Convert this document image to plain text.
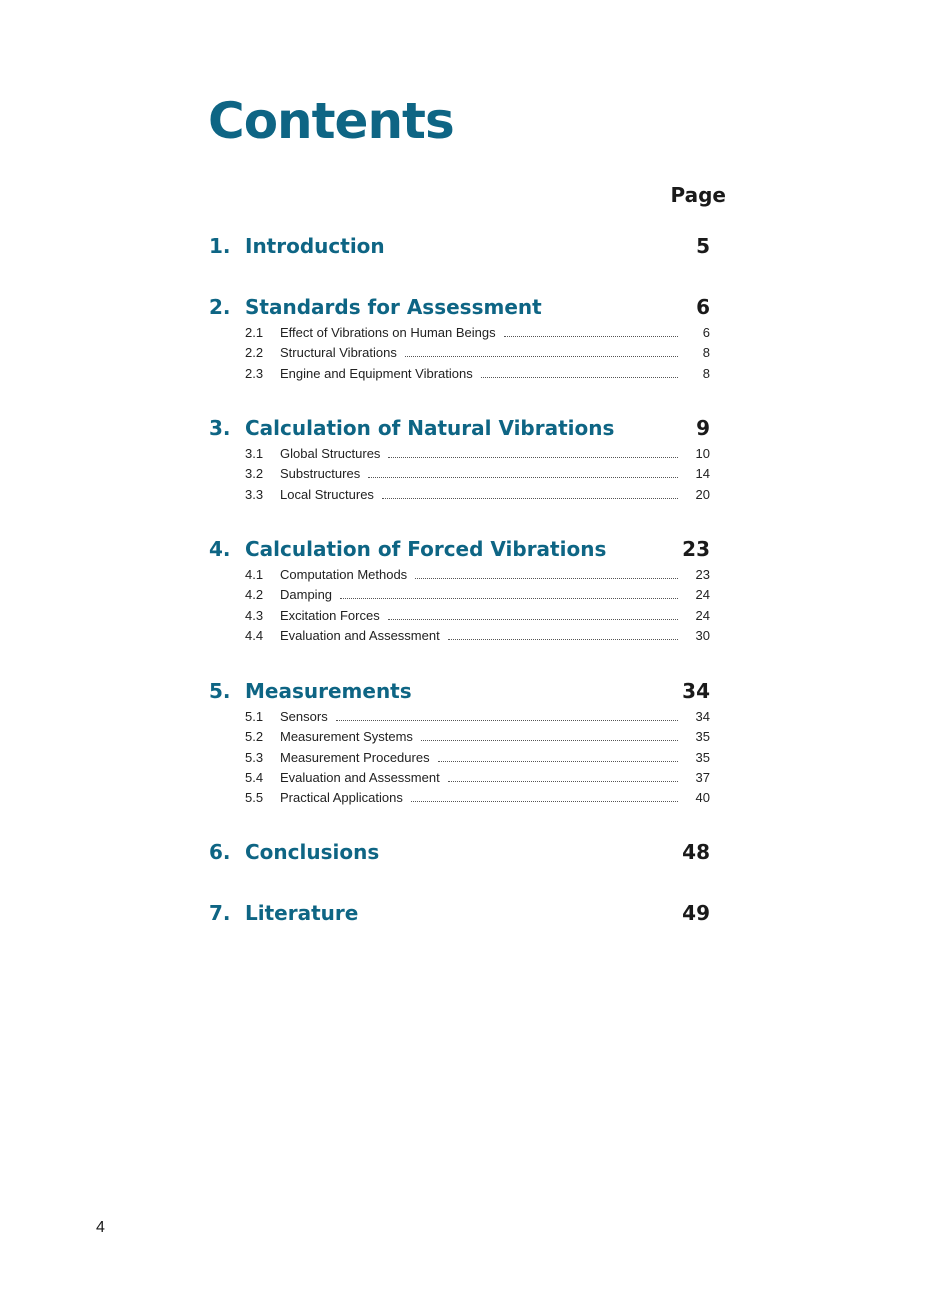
Contents
Page
1. Introduction	5
2. Standards for Assessment	6
2.1 Effect of Vibrations on Human Beings	6
2.2 Structural Vibrations	8
2.3 Engine and Equipment Vibrations	8
3. Calculation of Natural Vibrations	9
3.1 Global Structures	10
3.2 Substructures	14
3.3 Local Structures	20
4. Calculation of Forced Vibrations	23
4.1 Computation Methods	23
4.2 Damping	24
4.3 Excitation Forces	24
4.4 Evaluation and Assessment	30
5. Measurements	34
5.1 Sensors	34
5.2 Measurement Systems	35
5.3 Measurement Procedures	35
5.4 Evaluation and Assessment	37
5.5 Practical Applications	40
6. Conclusions	48
7. Literature	49
4
